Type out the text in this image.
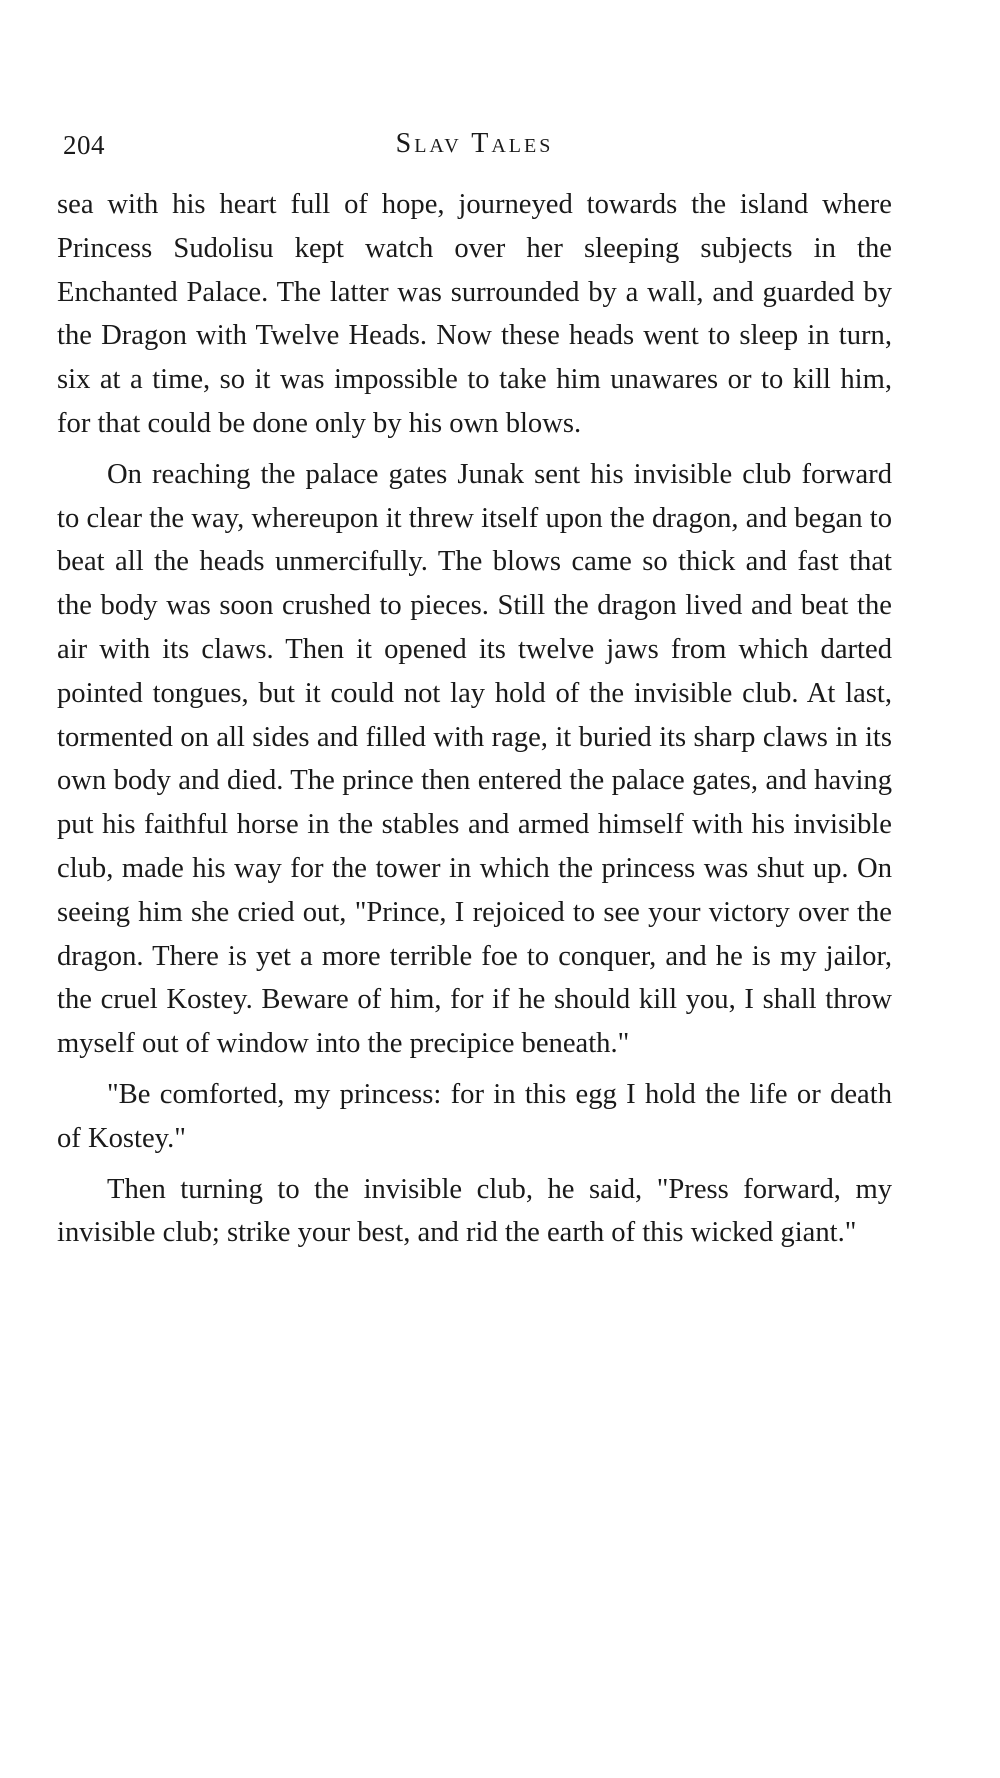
204	Slav Tales

sea with his heart full of hope, journeyed towards the island where Princess Sudolisu kept watch over her sleeping subjects in the Enchanted Palace. The latter was surrounded by a wall, and guarded by the Dragon with Twelve Heads. Now these heads went to sleep in turn, six at a time, so it was impossible to take him unawares or to kill him, for that could be done only by his own blows.

On reaching the palace gates Junak sent his invisible club forward to clear the way, whereupon it threw itself upon the dragon, and began to beat all the heads unmercifully. The blows came so thick and fast that the body was soon crushed to pieces. Still the dragon lived and beat the air with its claws. Then it opened its twelve jaws from which darted pointed tongues, but it could not lay hold of the invisible club. At last, tormented on all sides and filled with rage, it buried its sharp claws in its own body and died. The prince then entered the palace gates, and having put his faithful horse in the stables and armed himself with his invisible club, made his way for the tower in which the princess was shut up. On seeing him she cried out, "Prince, I rejoiced to see your victory over the dragon. There is yet a more terrible foe to conquer, and he is my jailor, the cruel Kostey. Beware of him, for if he should kill you, I shall throw myself out of window into the precipice beneath."

"Be comforted, my princess: for in this egg I hold the life or death of Kostey."

Then turning to the invisible club, he said, "Press forward, my invisible club; strike your best, and rid the earth of this wicked giant."
